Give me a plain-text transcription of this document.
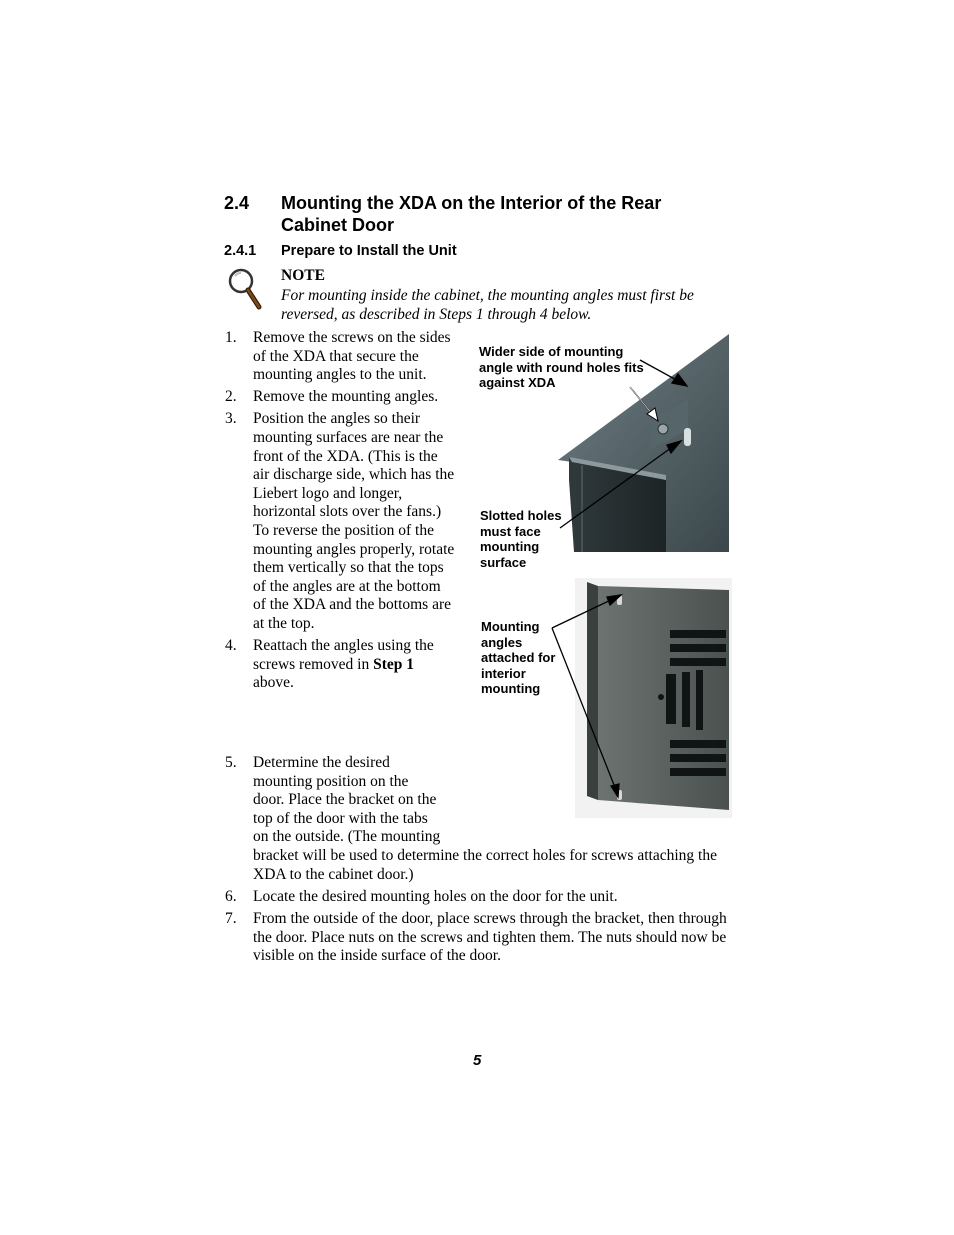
2.4 Mounting the XDA on the Interior of the Rear Cabinet Door
2.4.1 Prepare to Install the Unit
NOTE
For mounting inside the cabinet, the mounting angles must first be reversed, as described in Steps 1 through 4 below.
1. Remove the screws on the sides of the XDA that secure the mounting angles to the unit.
2. Remove the mounting angles.
3. Position the angles so their mounting surfaces are near the front of the XDA. (This is the air discharge side, which has the Liebert logo and longer, horizontal slots over the fans.) To reverse the position of the mounting angles properly, rotate them vertically so that the tops of the angles are at the bottom of the XDA and the bottoms are at the top.
4. Reattach the angles using the screws removed in Step 1 above.
5. Determine the desired mounting position on the door. Place the bracket on the top of the door with the tabs on the outside. (The mounting bracket will be used to determine the correct holes for screws attaching the XDA to the cabinet door.)
6. Locate the desired mounting holes on the door for the unit.
7. From the outside of the door, place screws through the bracket, then through the door. Place nuts on the screws and tighten them. The nuts should now be visible on the inside surface of the door.
Wider side of mounting angle with round holes fits against XDA
Slotted holes must face mounting surface
Mounting angles attached for interior mounting
5
